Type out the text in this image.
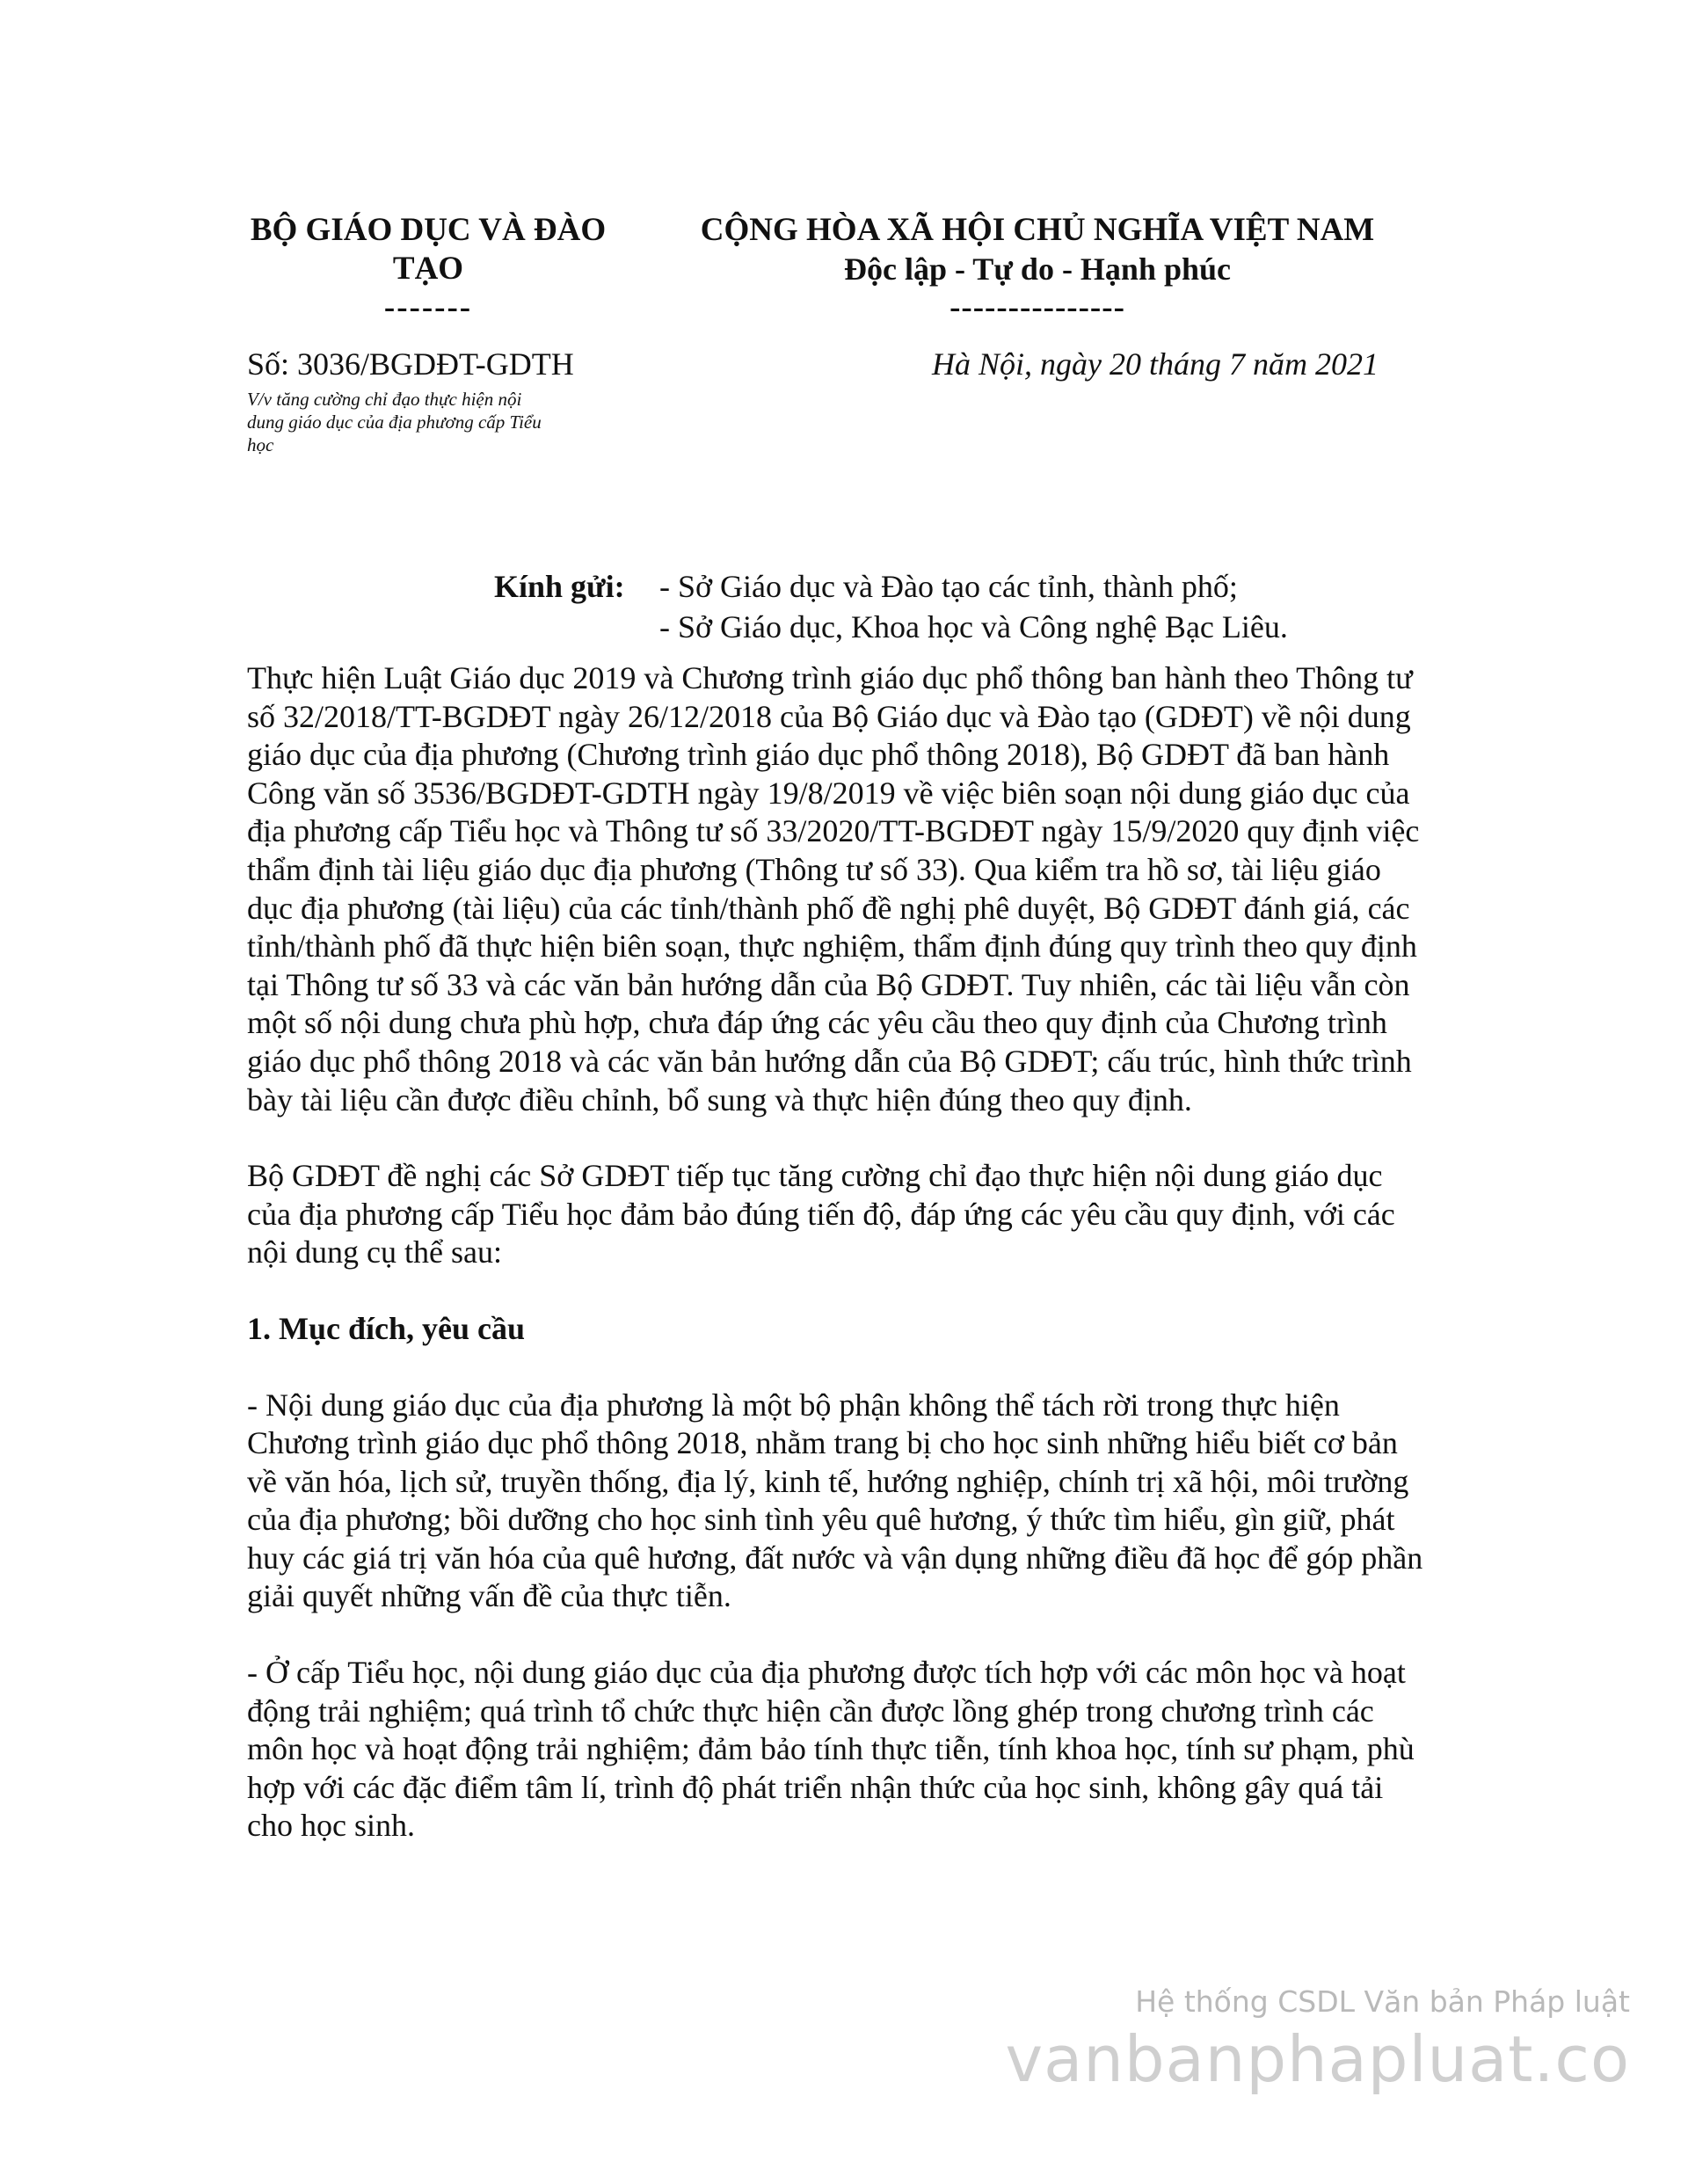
BỘ GIÁO DỤC VÀ ĐÀO
TẠO
-------
CỘNG HÒA XÃ HỘI CHỦ NGHĨA VIỆT NAM
Độc lập - Tự do - Hạnh phúc
---------------
Số: 3036/BGDĐT-GDTH
V/v tăng cường chỉ đạo thực hiện nội
dung giáo dục của địa phương cấp Tiểu
học
Hà Nội, ngày 20 tháng 7 năm 2021
Kính gửi: - Sở Giáo dục và Đào tạo các tỉnh, thành phố;
- Sở Giáo dục, Khoa học và Công nghệ Bạc Liêu.

Thực hiện Luật Giáo dục 2019 và Chương trình giáo dục phổ thông ban hành theo Thông tư số 32/2018/TT-BGDĐT ngày 26/12/2018 của Bộ Giáo dục và Đào tạo (GDĐT) về nội dung giáo dục của địa phương (Chương trình giáo dục phổ thông 2018), Bộ GDĐT đã ban hành Công văn số 3536/BGDĐT-GDTH ngày 19/8/2019 về việc biên soạn nội dung giáo dục của địa phương cấp Tiểu học và Thông tư số 33/2020/TT-BGDĐT ngày 15/9/2020 quy định việc thẩm định tài liệu giáo dục địa phương (Thông tư số 33). Qua kiểm tra hồ sơ, tài liệu giáo dục địa phương (tài liệu) của các tỉnh/thành phố đề nghị phê duyệt, Bộ GDĐT đánh giá, các tỉnh/thành phố đã thực hiện biên soạn, thực nghiệm, thẩm định đúng quy trình theo quy định tại Thông tư số 33 và các văn bản hướng dẫn của Bộ GDĐT. Tuy nhiên, các tài liệu vẫn còn một số nội dung chưa phù hợp, chưa đáp ứng các yêu cầu theo quy định của Chương trình giáo dục phổ thông 2018 và các văn bản hướng dẫn của Bộ GDĐT; cấu trúc, hình thức trình bày tài liệu cần được điều chỉnh, bổ sung và thực hiện đúng theo quy định.

Bộ GDĐT đề nghị các Sở GDĐT tiếp tục tăng cường chỉ đạo thực hiện nội dung giáo dục của địa phương cấp Tiểu học đảm bảo đúng tiến độ, đáp ứng các yêu cầu quy định, với các nội dung cụ thể sau:

1. Mục đích, yêu cầu

- Nội dung giáo dục của địa phương là một bộ phận không thể tách rời trong thực hiện Chương trình giáo dục phổ thông 2018, nhằm trang bị cho học sinh những hiểu biết cơ bản về văn hóa, lịch sử, truyền thống, địa lý, kinh tế, hướng nghiệp, chính trị xã hội, môi trường của địa phương; bồi dưỡng cho học sinh tình yêu quê hương, ý thức tìm hiểu, gìn giữ, phát huy các giá trị văn hóa của quê hương, đất nước và vận dụng những điều đã học để góp phần giải quyết những vấn đề của thực tiễn.

- Ở cấp Tiểu học, nội dung giáo dục của địa phương được tích hợp với các môn học và hoạt động trải nghiệm; quá trình tổ chức thực hiện cần được lồng ghép trong chương trình các môn học và hoạt động trải nghiệm; đảm bảo tính thực tiễn, tính khoa học, tính sư phạm, phù hợp với các đặc điểm tâm lí, trình độ phát triển nhận thức của học sinh, không gây quá tải cho học sinh.

Hệ thống CSDL Văn bản Pháp luật
vanbanphapluat.co
